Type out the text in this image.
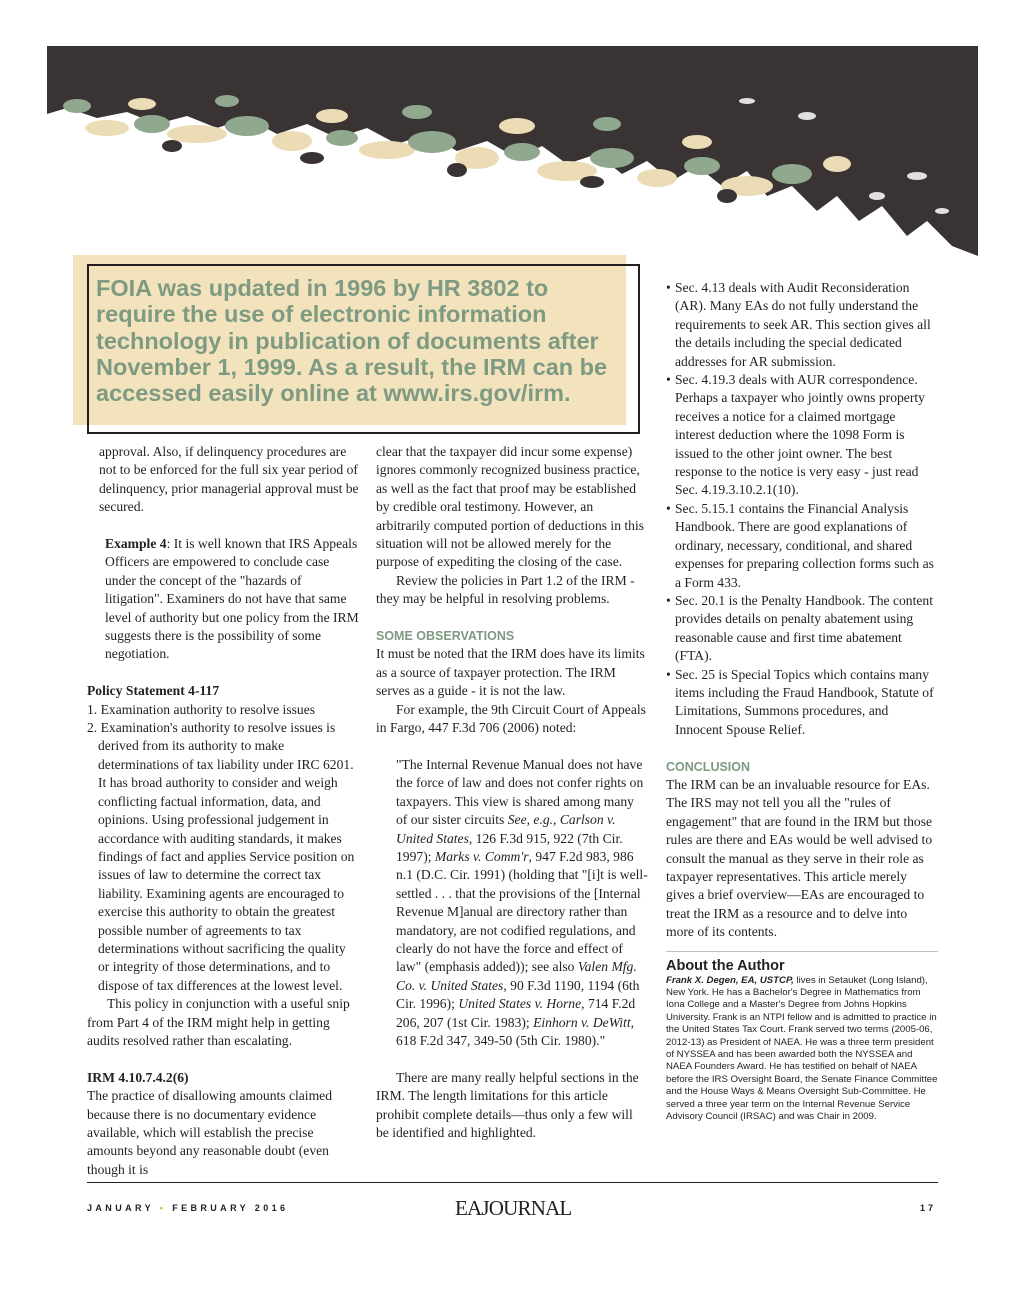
FOIA was updated in 1996 by HR 3802 to require the use of electronic information technology in publication of documents after November 1, 1999. As a result, the IRM can be accessed easily online at www.irs.gov/irm.

approval. Also, if delinquency procedures are not to be enforced for the full six year period of delinquency, prior managerial approval must be secured.

Example 4: It is well known that IRS Appeals Officers are empowered to conclude case under the concept of the "hazards of litigation". Examiners do not have that same level of authority but one policy from the IRM suggests there is the possibility of some negotiation.

Policy Statement 4-117

1. Examination authority to resolve issues

2. Examination's authority to resolve issues is derived from its authority to make determinations of tax liability under IRC 6201. It has broad authority to consider and weigh conflicting factual information, data, and opinions. Using professional judgement in accordance with auditing standards, it makes findings of fact and applies Service position on issues of law to determine the correct tax liability. Examining agents are encouraged to exercise this authority to obtain the greatest possible number of agreements to tax determinations without sacrificing the quality or integrity of those determinations, and to dispose of tax differences at the lowest level.

This policy in conjunction with a useful snip from Part 4 of the IRM might help in getting audits resolved rather than escalating.

IRM 4.10.7.4.2(6)

The practice of disallowing amounts claimed because there is no documentary evidence available, which will establish the precise amounts beyond any reasonable doubt (even though it is

clear that the taxpayer did incur some expense) ignores commonly recognized business practice, as well as the fact that proof may be established by credible oral testimony. However, an arbitrarily computed portion of deductions in this situation will not be allowed merely for the purpose of expediting the closing of the case.

Review the policies in Part 1.2 of the IRM - they may be helpful in resolving problems.

SOME OBSERVATIONS

It must be noted that the IRM does have its limits as a source of taxpayer protection. The IRM serves as a guide - it is not the law.

For example, the 9th Circuit Court of Appeals in Fargo, 447 F.3d 706 (2006) noted:

"The Internal Revenue Manual does not have the force of law and does not confer rights on taxpayers. This view is shared among many of our sister circuits See, e.g., Carlson v. United States, 126 F.3d 915, 922 (7th Cir. 1997); Marks v. Comm'r, 947 F.2d 983, 986 n.1 (D.C. Cir. 1991) (holding that "[i]t is well-settled . . . that the provisions of the [Internal Revenue M]anual are directory rather than mandatory, are not codified regulations, and clearly do not have the force and effect of law" (emphasis added)); see also Valen Mfg. Co. v. United States, 90 F.3d 1190, 1194 (6th Cir. 1996); United States v. Horne, 714 F.2d 206, 207 (1st Cir. 1983); Einhorn v. DeWitt, 618 F.2d 347, 349-50 (5th Cir. 1980)."

There are many really helpful sections in the IRM. The length limitations for this article prohibit complete details—thus only a few will be identified and highlighted.

• Sec. 4.13 deals with Audit Reconsideration (AR). Many EAs do not fully understand the requirements to seek AR. This section gives all the details including the special dedicated addresses for AR submission.
• Sec. 4.19.3 deals with AUR correspondence. Perhaps a taxpayer who jointly owns property receives a notice for a claimed mortgage interest deduction where the 1098 Form is issued to the other joint owner. The best response to the notice is very easy - just read Sec. 4.19.3.10.2.1(10).
• Sec. 5.15.1 contains the Financial Analysis Handbook. There are good explanations of ordinary, necessary, conditional, and shared expenses for preparing collection forms such as a Form 433.
• Sec. 20.1 is the Penalty Handbook. The content provides details on penalty abatement using reasonable cause and first time abatement (FTA).
• Sec. 25 is Special Topics which contains many items including the Fraud Handbook, Statute of Limitations, Summons procedures, and Innocent Spouse Relief.

CONCLUSION

The IRM can be an invaluable resource for EAs. The IRS may not tell you all the "rules of engagement" that are found in the IRM but those rules are there and EAs would be well advised to consult the manual as they serve in their role as taxpayer representatives. This article merely gives a brief overview—EAs are encouraged to treat the IRM as a resource and to delve into more of its contents.

About the Author

Frank X. Degen, EA, USTCP, lives in Setauket (Long Island), New York. He has a Bachelor's Degree in Mathematics from Iona College and a Master's Degree from Johns Hopkins University. Frank is an NTPI fellow and is admitted to practice in the United States Tax Court. Frank served two terms (2005-06, 2012-13) as President of NAEA. He was a three term president of NYSSEA and has been awarded both the NYSSEA and NAEA Founders Award. He has testified on behalf of NAEA before the IRS Oversight Board, the Senate Finance Committee and the House Ways & Means Oversight Sub-Committee. He served a three year term on the Internal Revenue Service Advisory Council (IRSAC) and was Chair in 2009.

JANUARY • FEBRUARY 2016	EAJOURNAL	17
